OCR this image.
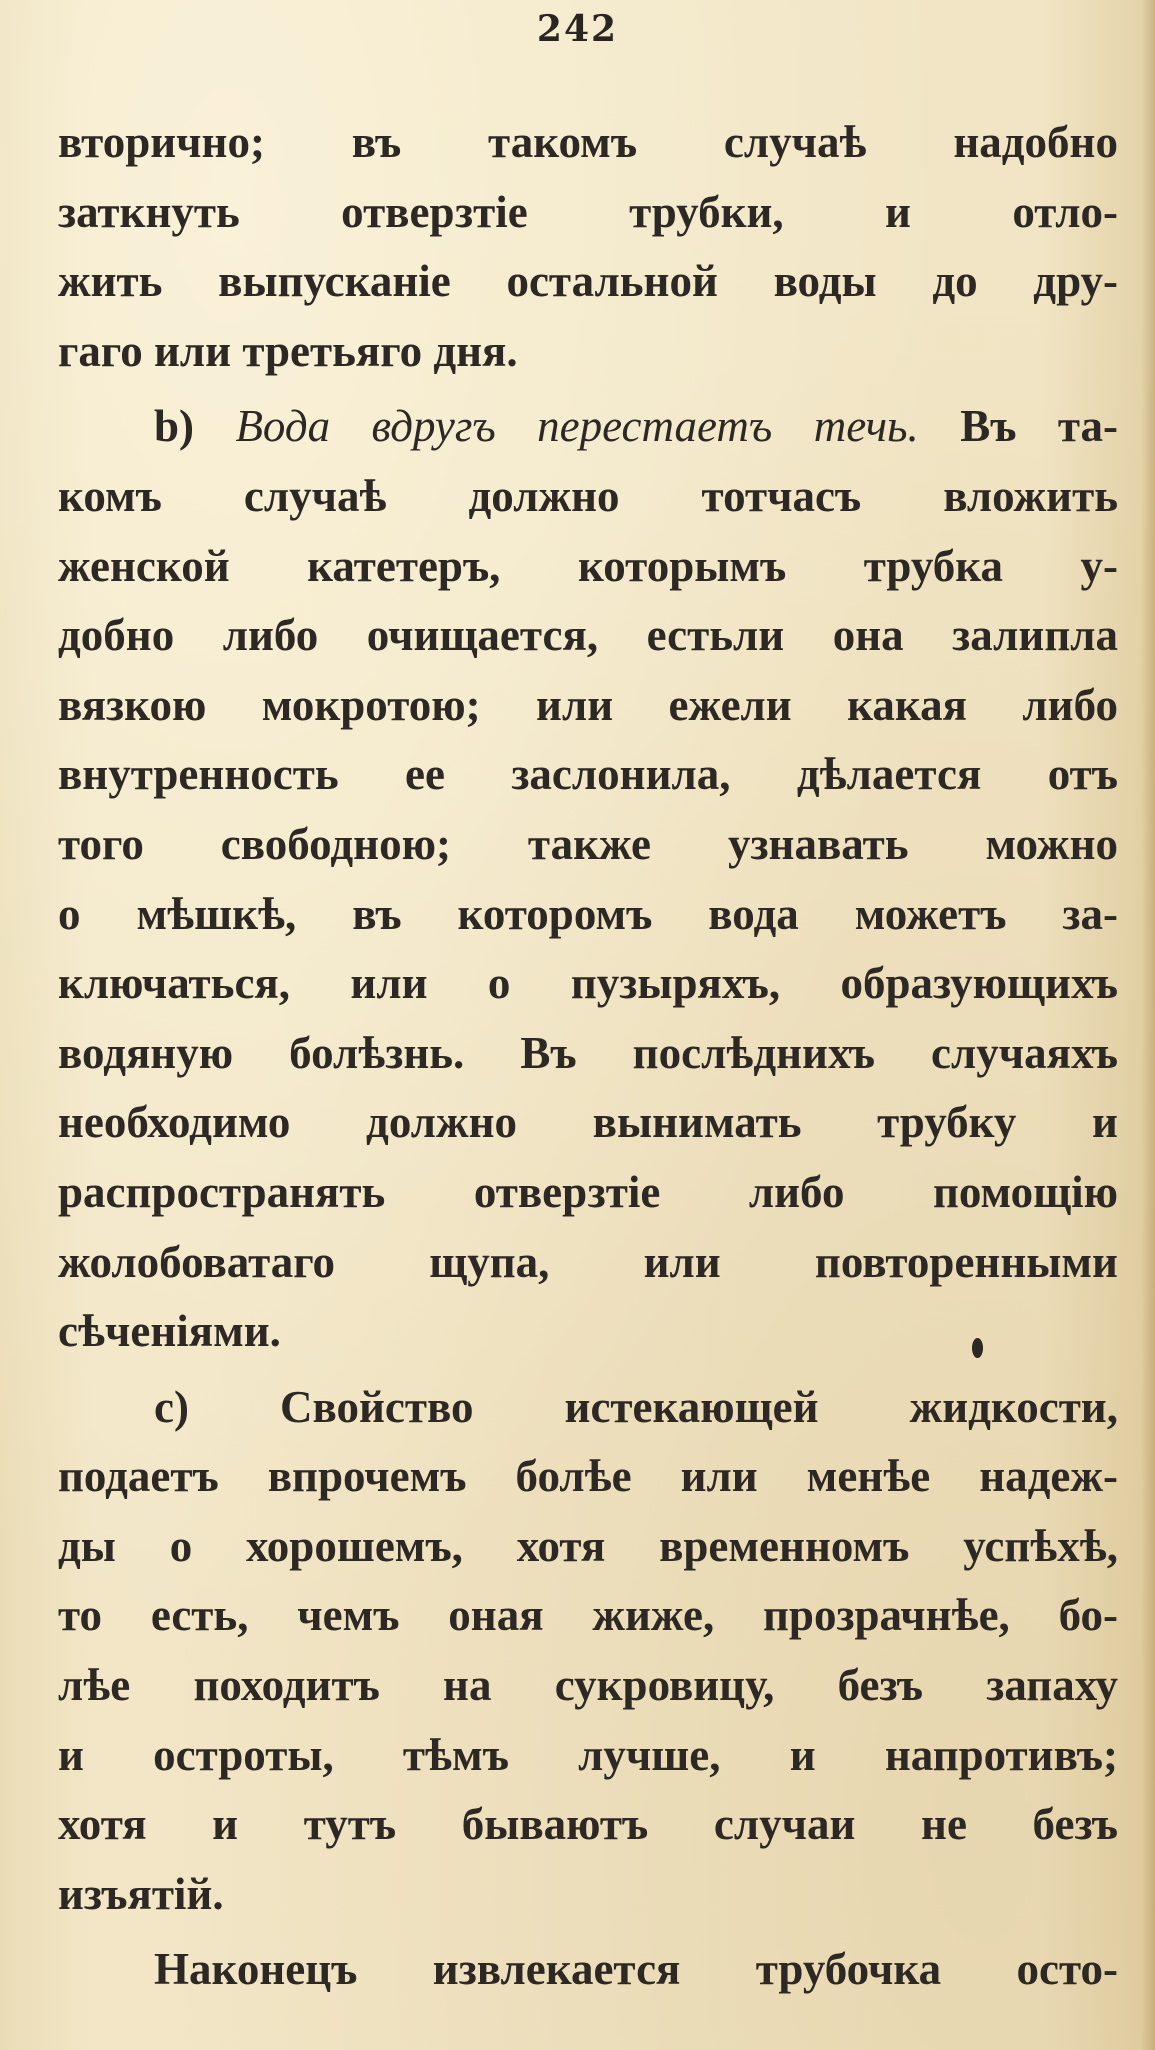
242
вторично; въ такомъ случаѣ надобно
заткнуть отверзтіе трубки, и отло-
жить выпусканіе остальной воды до дру-
гаго или третьяго дня.
b) Вода вдругъ перестаетъ течь. Въ та-
комъ случаѣ должно тотчасъ вложить
женской катетеръ, которымъ трубка у-
добно либо очищается, естьли она залипла
вязкою мокротою; или ежели какая либо
внутренность ее заслонила, дѣлается отъ
того свободною; также узнавать можно
о мѣшкѣ, въ которомъ вода можетъ за-
ключаться, или о пузыряхъ, образующихъ
водяную болѣзнь. Въ послѣднихъ случаяхъ
необходимо должно вынимать трубку и
распространять отверзтіе либо помощію
жолобоватаго щупа, или повторенными
сѣченіями.
c) Свойство истекающей жидкости,
подаетъ впрочемъ болѣе или менѣе надеж-
ды о хорошемъ, хотя временномъ успѣхѣ,
то есть, чемъ оная жиже, прозрачнѣе, бо-
лѣе походитъ на сукровицу, безъ запаху
и остроты, тѣмъ лучше, и напротивъ;
хотя и тутъ бываютъ случаи не безъ
изъятій.
Наконецъ извлекается трубочка осто-
